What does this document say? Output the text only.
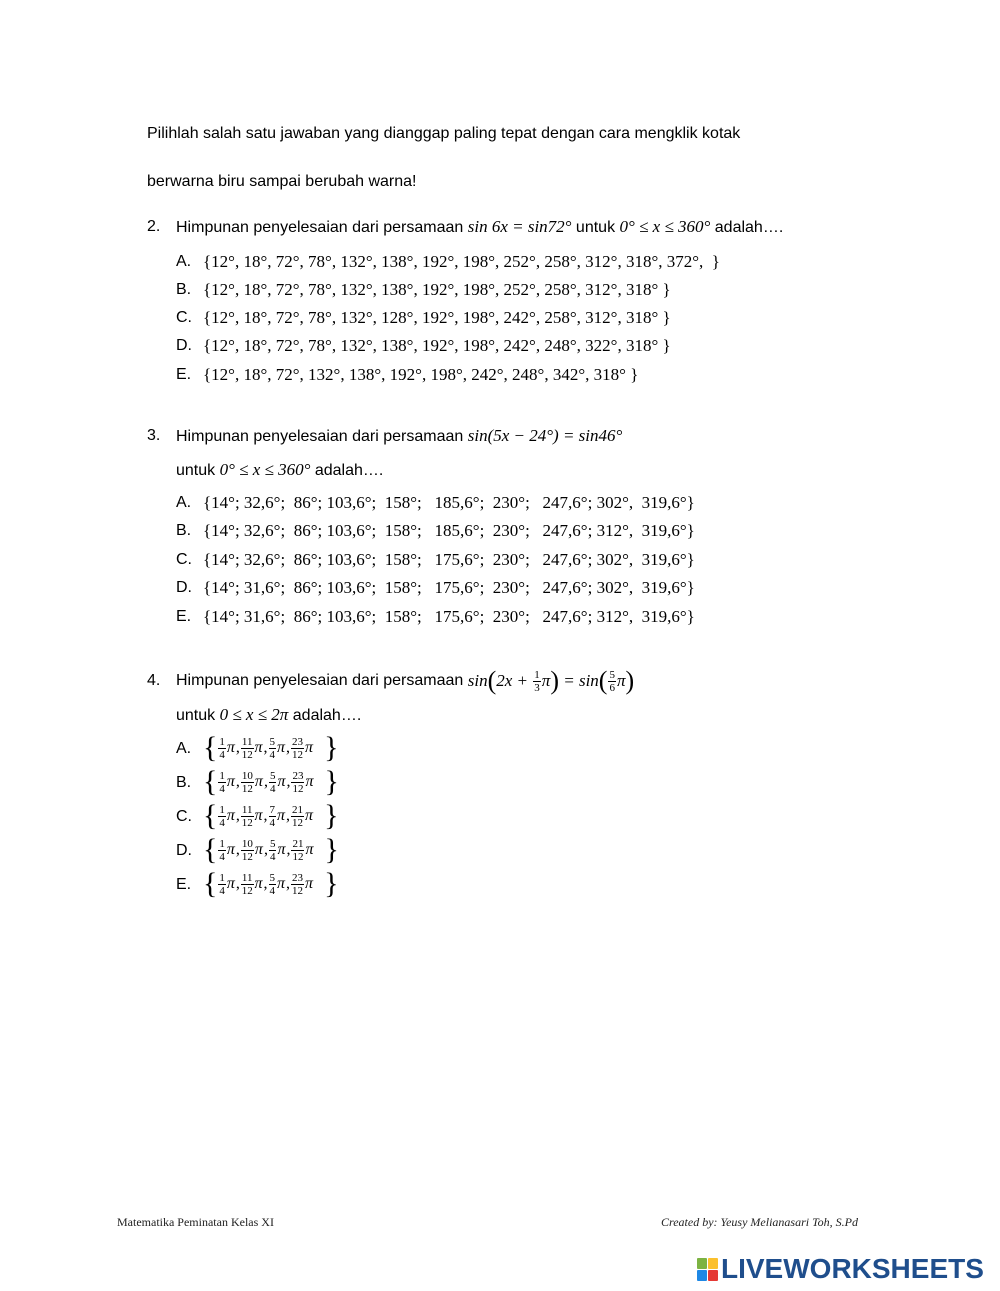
Pilihlah salah satu jawaban yang dianggap paling tepat dengan cara mengklik kotak
berwarna biru sampai berubah warna!
2. Himpunan penyelesaian dari persamaan sin 6x = sin72° untuk 0° ≤ x ≤ 360° adalah….
A. {12°, 18°, 72°, 78°, 132°, 138°, 192°, 198°, 252°, 258°, 312°, 318°, 372°,  }
B. {12°, 18°, 72°, 78°, 132°, 138°, 192°, 198°, 252°, 258°, 312°, 318° }
C. {12°, 18°, 72°, 78°, 132°, 128°, 192°, 198°, 242°, 258°, 312°, 318° }
D. {12°, 18°, 72°, 78°, 132°, 138°, 192°, 198°, 242°, 248°, 322°, 318° }
E. {12°, 18°, 72°, 132°, 138°, 192°, 198°, 242°, 248°, 342°, 318° }
3. Himpunan penyelesaian dari persamaan sin(5x − 24°) = sin46°
untuk 0° ≤ x ≤ 360° adalah….
A. {14°; 32,6°;  86°; 103,6°;  158°;   185,6°;  230°;   247,6°; 302°,  319,6°}
B. {14°; 32,6°;  86°; 103,6°;  158°;   185,6°;  230°;   247,6°; 312°,  319,6°}
C. {14°; 32,6°;  86°; 103,6°;  158°;   175,6°;  230°;   247,6°; 302°,  319,6°}
D. {14°; 31,6°;  86°; 103,6°;  158°;   175,6°;  230°;   247,6°; 302°,  319,6°}
E. {14°; 31,6°;  86°; 103,6°;  158°;   175,6°;  230°;   247,6°; 312°,  319,6°}
4. Himpunan penyelesaian dari persamaan sin ( $2x + \frac{1}{3}$ π ) = sin ( $\frac{5}{6}$ π )
untuk 0 ≤ x ≤ 2π adalah….
A. { $\frac{1}{4}$ π , $\frac{11}{12}$ π , $\frac{5}{4}$ π , $\frac{23}{12}$ π }
B. { $\frac{1}{4}$ π , $\frac{10}{12}$ π , $\frac{5}{4}$ π , $\frac{23}{12}$ π }
C. { $\frac{1}{4}$ π , $\frac{11}{12}$ π , $\frac{7}{4}$ π , $\frac{21}{12}$ π }
D. { $\frac{1}{4}$ π , $\frac{10}{12}$ π , $\frac{5}{4}$ π , $\frac{21}{12}$ π }
E. { $\frac{1}{4}$ π , $\frac{11}{12}$ π , $\frac{5}{4}$ π , $\frac{23}{12}$ π }
Matematika Peminatan Kelas XI	Created by: Yeusy Melianasari Toh, S.Pd
LIVEWORKSHEETS
